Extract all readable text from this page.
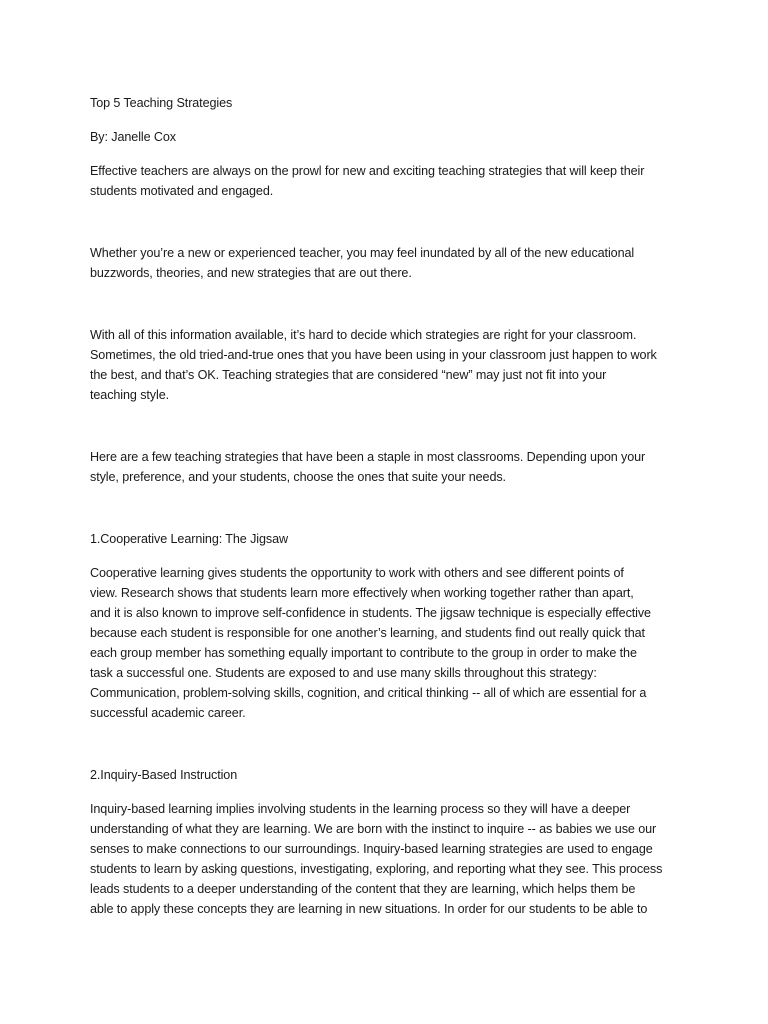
Top 5 Teaching Strategies

By: Janelle Cox

Effective teachers are always on the prowl for new and exciting teaching strategies that will keep their
students motivated and engaged.

Whether you’re a new or experienced teacher, you may feel inundated by all of the new educational
buzzwords, theories, and new strategies that are out there.

With all of this information available, it’s hard to decide which strategies are right for your classroom.
Sometimes, the old tried-and-true ones that you have been using in your classroom just happen to work
the best, and that’s OK. Teaching strategies that are considered “new” may just not fit into your
teaching style.

Here are a few teaching strategies that have been a staple in most classrooms. Depending upon your
style, preference, and your students, choose the ones that suite your needs.

1.Cooperative Learning: The Jigsaw

Cooperative learning gives students the opportunity to work with others and see different points of
view. Research shows that students learn more effectively when working together rather than apart,
and it is also known to improve self-confidence in students. The jigsaw technique is especially effective
because each student is responsible for one another’s learning, and students find out really quick that
each group member has something equally important to contribute to the group in order to make the
task a successful one. Students are exposed to and use many skills throughout this strategy:
Communication, problem-solving skills, cognition, and critical thinking -- all of which are essential for a
successful academic career.

2.Inquiry-Based Instruction

Inquiry-based learning implies involving students in the learning process so they will have a deeper
understanding of what they are learning. We are born with the instinct to inquire -- as babies we use our
senses to make connections to our surroundings. Inquiry-based learning strategies are used to engage
students to learn by asking questions, investigating, exploring, and reporting what they see. This process
leads students to a deeper understanding of the content that they are learning, which helps them be
able to apply these concepts they are learning in new situations. In order for our students to be able to
